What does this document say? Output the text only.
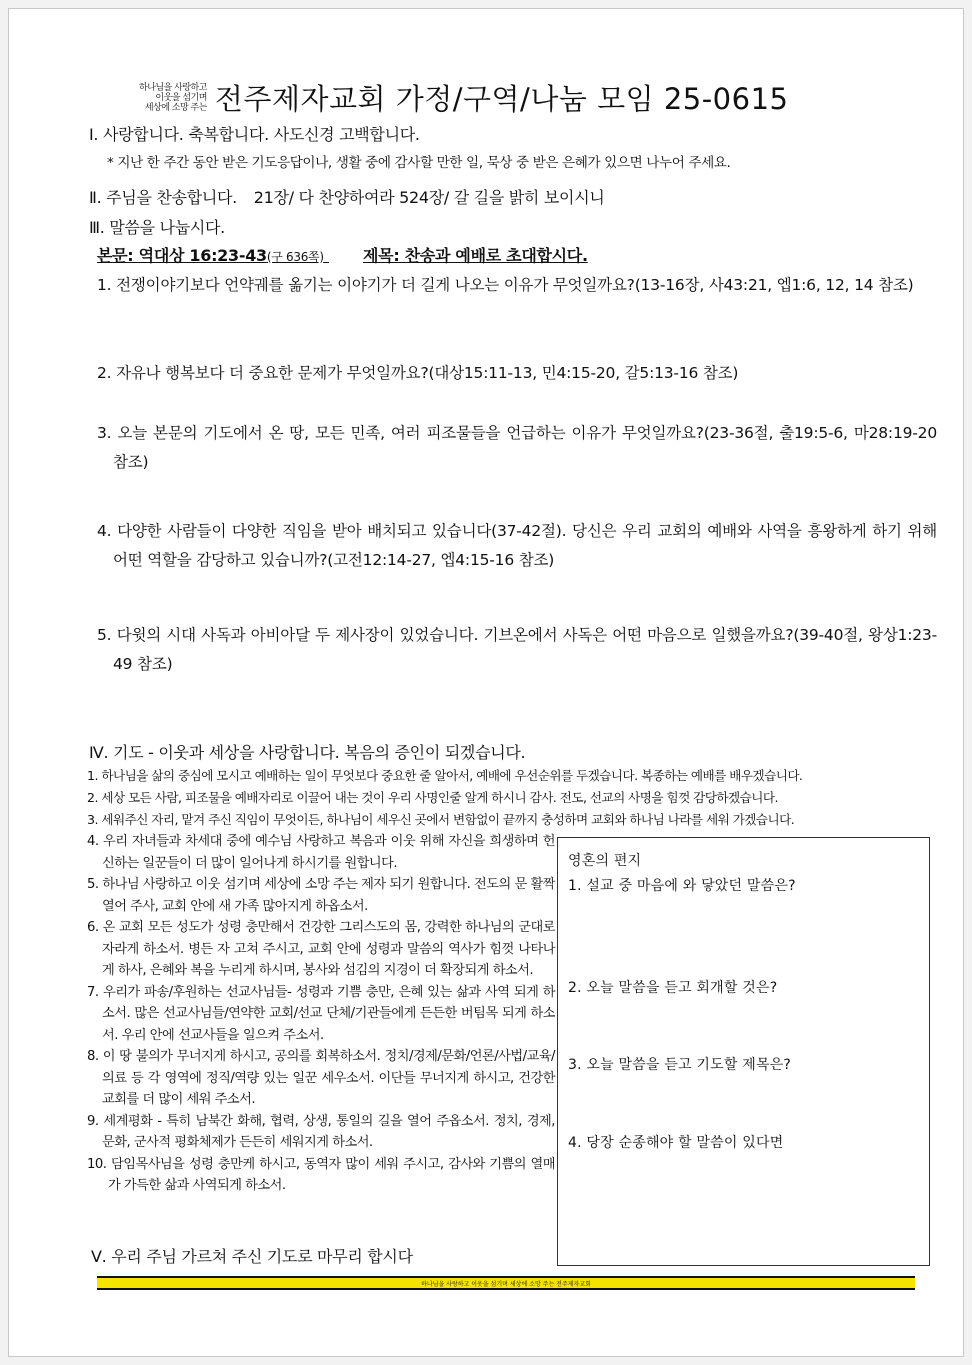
하나님을 사랑하고
이웃을 섬기며
세상에 소망 주는 전주제자교회 가정/구역/나눔 모임 25-0615
Ⅰ. 사랑합니다. 축복합니다. 사도신경 고백합니다.
* 지난 한 주간 동안 받은 기도응답이나, 생활 중에 감사할 만한 일, 묵상 중 받은 은혜가 있으면 나누어 주세요.
Ⅱ. 주님을 찬송합니다. 21장/ 다 찬양하여라 524장/ 갈 길을 밝히 보이시니
Ⅲ. 말씀을 나눕시다.
본문: 역대상 16:23-43(구 636쪽) 제목: 찬송과 예배로 초대합시다.
1. 전쟁이야기보다 언약궤를 옮기는 이야기가 더 길게 나오는 이유가 무엇일까요?(13-16장, 사43:21, 엡1:6, 12, 14 참조)
2. 자유나 행복보다 더 중요한 문제가 무엇일까요?(대상15:11-13, 민4:15-20, 갈5:13-16 참조)
3. 오늘 본문의 기도에서 온 땅, 모든 민족, 여러 피조물들을 언급하는 이유가 무엇일까요?(23-36절, 출19:5-6, 마28:19-20 참조)
4. 다양한 사람들이 다양한 직임을 받아 배치되고 있습니다(37-42절). 당신은 우리 교회의 예배와 사역을 흥왕하게 하기 위해 어떤 역할을 감당하고 있습니까?(고전12:14-27, 엡4:15-16 참조)
5. 다윗의 시대 사독과 아비아달 두 제사장이 있었습니다. 기브온에서 사독은 어떤 마음으로 일했을까요?(39-40절, 왕상1:23-49 참조)
Ⅳ. 기도 - 이웃과 세상을 사랑합니다. 복음의 증인이 되겠습니다.
1. 하나님을 삶의 중심에 모시고 예배하는 일이 무엇보다 중요한 줄 알아서, 예배에 우선순위를 두겠습니다. 복종하는 예배를 배우겠습니다.
2. 세상 모든 사람, 피조물을 예배자리로 이끌어 내는 것이 우리 사명인줄 알게 하시니 감사. 전도, 선교의 사명을 힘껏 감당하겠습니다.
3. 세워주신 자리, 맡겨 주신 직임이 무엇이든, 하나님이 세우신 곳에서 변함없이 끝까지 충성하며 교회와 하나님 나라를 세워 가겠습니다.
4. 우리 자녀들과 차세대 중에 예수님 사랑하고 복음과 이웃 위해 자신을 희생하며 헌신하는 일꾼들이 더 많이 일어나게 하시기를 원합니다.
5. 하나님 사랑하고 이웃 섬기며 세상에 소망 주는 제자 되기 원합니다. 전도의 문 활짝 열어 주사, 교회 안에 새 가족 많아지게 하옵소서.
6. 온 교회 모든 성도가 성령 충만해서 건강한 그리스도의 몸, 강력한 하나님의 군대로 자라게 하소서. 병든 자 고쳐 주시고, 교회 안에 성령과 말씀의 역사가 힘껏 나타나게 하사, 은혜와 복을 누리게 하시며, 봉사와 섬김의 지경이 더 확장되게 하소서.
7. 우리가 파송/후원하는 선교사님들- 성령과 기쁨 충만, 은혜 있는 삶과 사역 되게 하소서. 많은 선교사님들/연약한 교회/선교 단체/기관들에게 든든한 버팀목 되게 하소서. 우리 안에 선교사들을 일으켜 주소서.
8. 이 땅 불의가 무너지게 하시고, 공의를 회복하소서. 정치/경제/문화/언론/사법/교육/의료 등 각 영역에 정직/역량 있는 일꾼 세우소서. 이단들 무너지게 하시고, 건강한 교회를 더 많이 세워 주소서.
9. 세계평화 - 특히 남북간 화해, 협력, 상생, 통일의 길을 열어 주옵소서. 정치, 경제, 문화, 군사적 평화체제가 든든히 세워지게 하소서.
10. 담임목사님을 성령 충만케 하시고, 동역자 많이 세워 주시고, 감사와 기쁨의 열매가 가득한 삶과 사역되게 하소서.
Ⅴ. 우리 주님 가르쳐 주신 기도로 마무리 합시다
영혼의 편지
1. 설교 중 마음에 와 닿았던 말씀은?
2. 오늘 말씀을 듣고 회개할 것은?
3. 오늘 말씀을 듣고 기도할 제목은?
4. 당장 순종해야 할 말씀이 있다면
하나님을 사랑하고 이웃을 섬기며 세상에 소망 주는 전주제자교회
